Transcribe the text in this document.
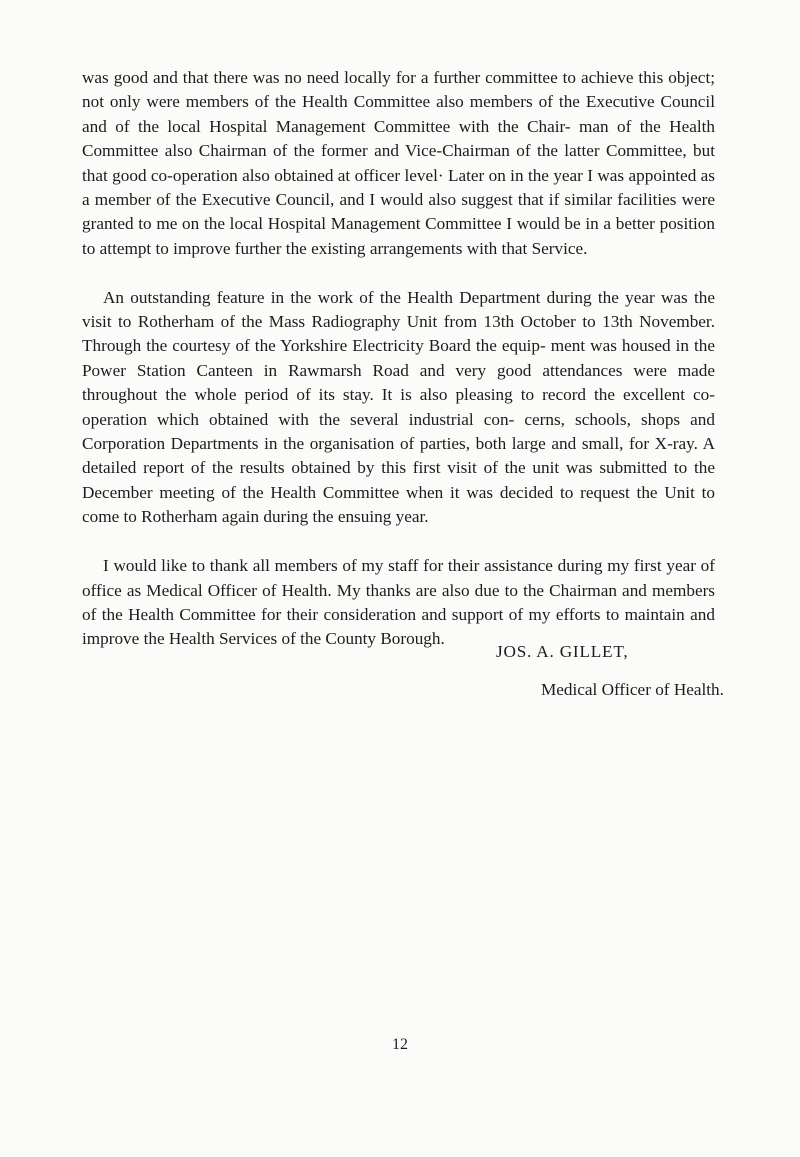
was good and that there was no need locally for a further committee to achieve this object; not only were members of the Health Committee also members of the Executive Council and of the local Hospital Management Committee with the Chair- man of the Health Committee also Chairman of the former and Vice-Chairman of the latter Committee, but that good co-operation also obtained at officer level· Later on in the year I was appointed as a member of the Executive Council, and I would also suggest that if similar facilities were granted to me on the local Hospital Management Committee I would be in a better position to attempt to improve further the existing arrangements with that Service.

An outstanding feature in the work of the Health Department during the year was the visit to Rotherham of the Mass Radiography Unit from 13th October to 13th November. Through the courtesy of the Yorkshire Electricity Board the equip- ment was housed in the Power Station Canteen in Rawmarsh Road and very good attendances were made throughout the whole period of its stay. It is also pleasing to record the excellent co-operation which obtained with the several industrial con- cerns, schools, shops and Corporation Departments in the organisation of parties, both large and small, for X-ray. A detailed report of the results obtained by this first visit of the unit was submitted to the December meeting of the Health Committee when it was decided to request the Unit to come to Rotherham again during the ensuing year.

I would like to thank all members of my staff for their assistance during my first year of office as Medical Officer of Health. My thanks are also due to the Chairman and members of the Health Committee for their consideration and support of my efforts to maintain and improve the Health Services of the County Borough.

JOS. A. GILLET,
Medical Officer of Health.
12
